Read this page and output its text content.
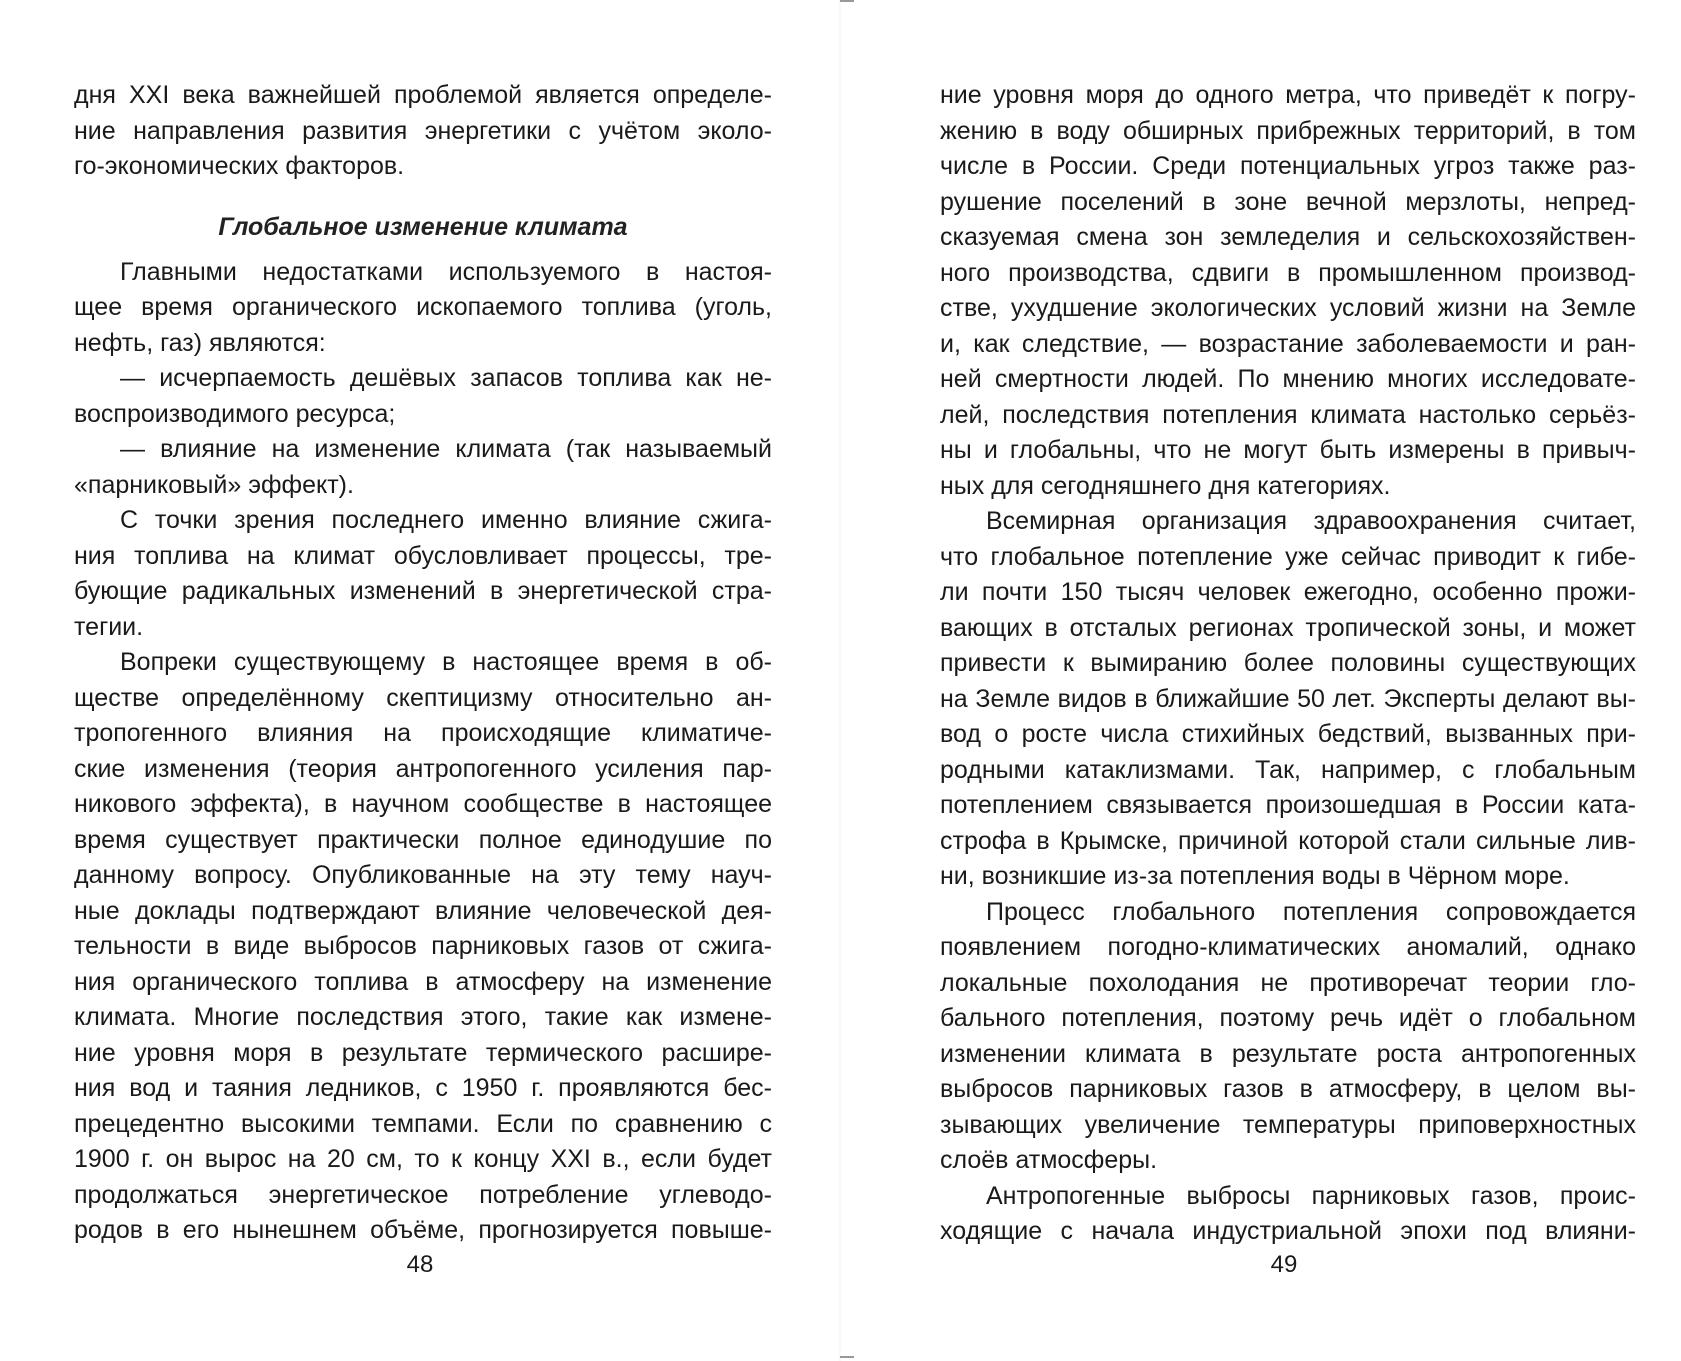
дня XXI века важнейшей проблемой является определе-
ние направления развития энергетики с учётом эколо-
го-экономических факторов.
Глобальное изменение климата
Главными недостатками используемого в настоя-
щее время органического ископаемого топлива (уголь,
нефть, газ) являются:
— исчерпаемость дешёвых запасов топлива как не-
воспроизводимого ресурса;
— влияние на изменение климата (так называемый
«парниковый» эффект).
С точки зрения последнего именно влияние сжига-
ния топлива на климат обусловливает процессы, тре-
бующие радикальных изменений в энергетической стра-
тегии.
Вопреки существующему в настоящее время в об-
ществе определённому скептицизму относительно ан-
тропогенного влияния на происходящие климатиче-
ские изменения (теория антропогенного усиления пар-
никового эффекта), в научном сообществе в настоящее
время существует практически полное единодушие по
данному вопросу. Опубликованные на эту тему науч-
ные доклады подтверждают влияние человеческой дея-
тельности в виде выбросов парниковых газов от сжига-
ния органического топлива в атмосферу на изменение
климата. Многие последствия этого, такие как измене-
ние уровня моря в результате термического расшире-
ния вод и таяния ледников, с 1950 г. проявляются бес-
прецедентно высокими темпами. Если по сравнению с
1900 г. он вырос на 20 см, то к концу XXI в., если будет
продолжаться энергетическое потребление углеводо-
родов в его нынешнем объёме, прогнозируется повыше-
48
ние уровня моря до одного метра, что приведёт к погру-
жению в воду обширных прибрежных территорий, в том
числе в России. Среди потенциальных угроз также раз-
рушение поселений в зоне вечной мерзлоты, непред-
сказуемая смена зон земледелия и сельскохозяйствен-
ного производства, сдвиги в промышленном производ-
стве, ухудшение экологических условий жизни на Земле
и, как следствие, — возрастание заболеваемости и ран-
ней смертности людей. По мнению многих исследовате-
лей, последствия потепления климата настолько серьёз-
ны и глобальны, что не могут быть измерены в привыч-
ных для сегодняшнего дня категориях.
Всемирная организация здравоохранения считает,
что глобальное потепление уже сейчас приводит к гибе-
ли почти 150 тысяч человек ежегодно, особенно прожи-
вающих в отсталых регионах тропической зоны, и может
привести к вымиранию более половины существующих
на Земле видов в ближайшие 50 лет. Эксперты делают вы-
вод о росте числа стихийных бедствий, вызванных при-
родными катаклизмами. Так, например, с глобальным
потеплением связывается произошедшая в России ката-
строфа в Крымске, причиной которой стали сильные лив-
ни, возникшие из-за потепления воды в Чёрном море.
Процесс глобального потепления сопровождается
появлением погодно-климатических аномалий, однако
локальные похолодания не противоречат теории гло-
бального потепления, поэтому речь идёт о глобальном
изменении климата в результате роста антропогенных
выбросов парниковых газов в атмосферу, в целом вы-
зывающих увеличение температуры приповерхностных
слоёв атмосферы.
Антропогенные выбросы парниковых газов, проис-
ходящие с начала индустриальной эпохи под влияни-
49
